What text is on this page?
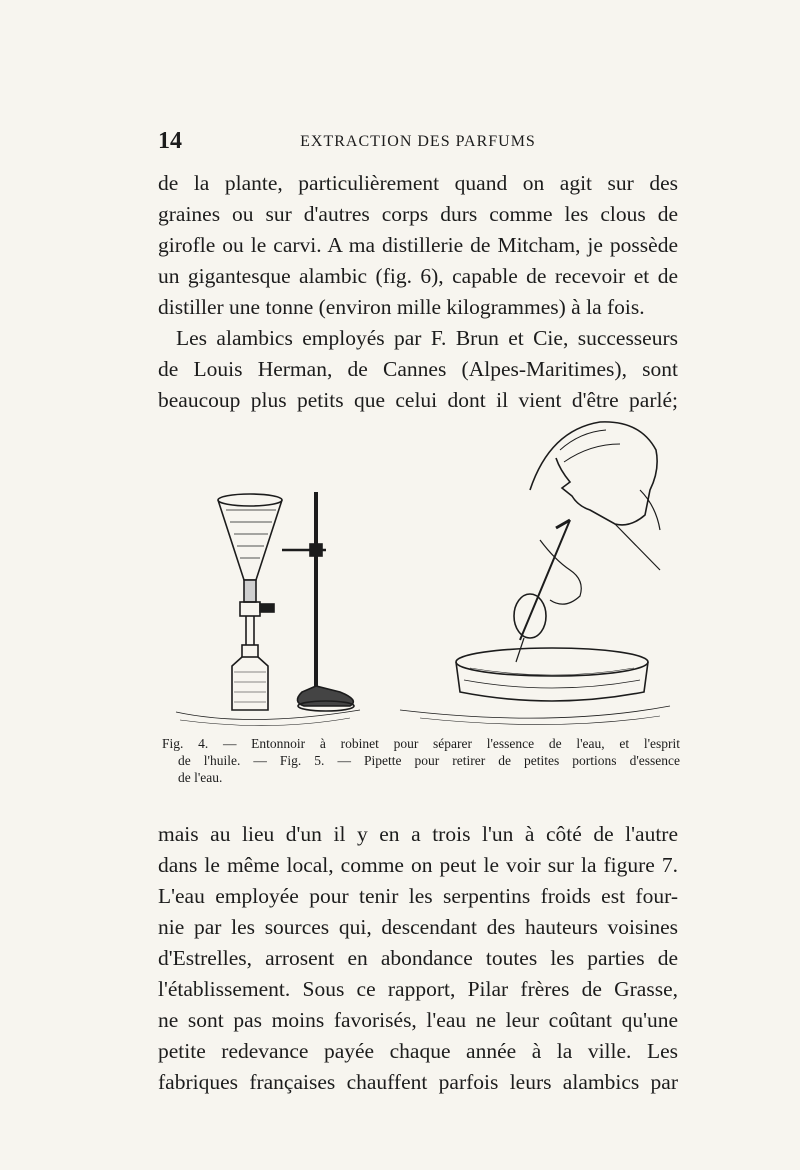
14	EXTRACTION DES PARFUMS
de la plante, particulièrement quand on agit sur des
graines ou sur d'autres corps durs comme les clous de
girofle ou le carvi. A ma distillerie de Mitcham, je possède
un gigantesque alambic (fig. 6), capable de recevoir et de
distiller une tonne (environ mille kilogrammes) à la fois.
Les alambics employés par F. Brun et Cie, successeurs
de Louis Herman, de Cannes (Alpes-Maritimes), sont
beaucoup plus petits que celui dont il vient d'être parlé;
Fig. 4. — Entonnoir à robinet pour séparer l'essence de l'eau, et l'esprit
de l'huile. — Fig. 5. — Pipette pour retirer de petites portions d'essence
de l'eau.
mais au lieu d'un il y en a trois l'un à côté de l'autre
dans le même local, comme on peut le voir sur la figure 7.
L'eau employée pour tenir les serpentins froids est four-
nie par les sources qui, descendant des hauteurs voisines
d'Estrelles, arrosent en abondance toutes les parties de
l'établissement. Sous ce rapport, Pilar frères de Grasse,
ne sont pas moins favorisés, l'eau ne leur coûtant qu'une
petite redevance payée chaque année à la ville. Les
fabriques françaises chauffent parfois leurs alambics par
